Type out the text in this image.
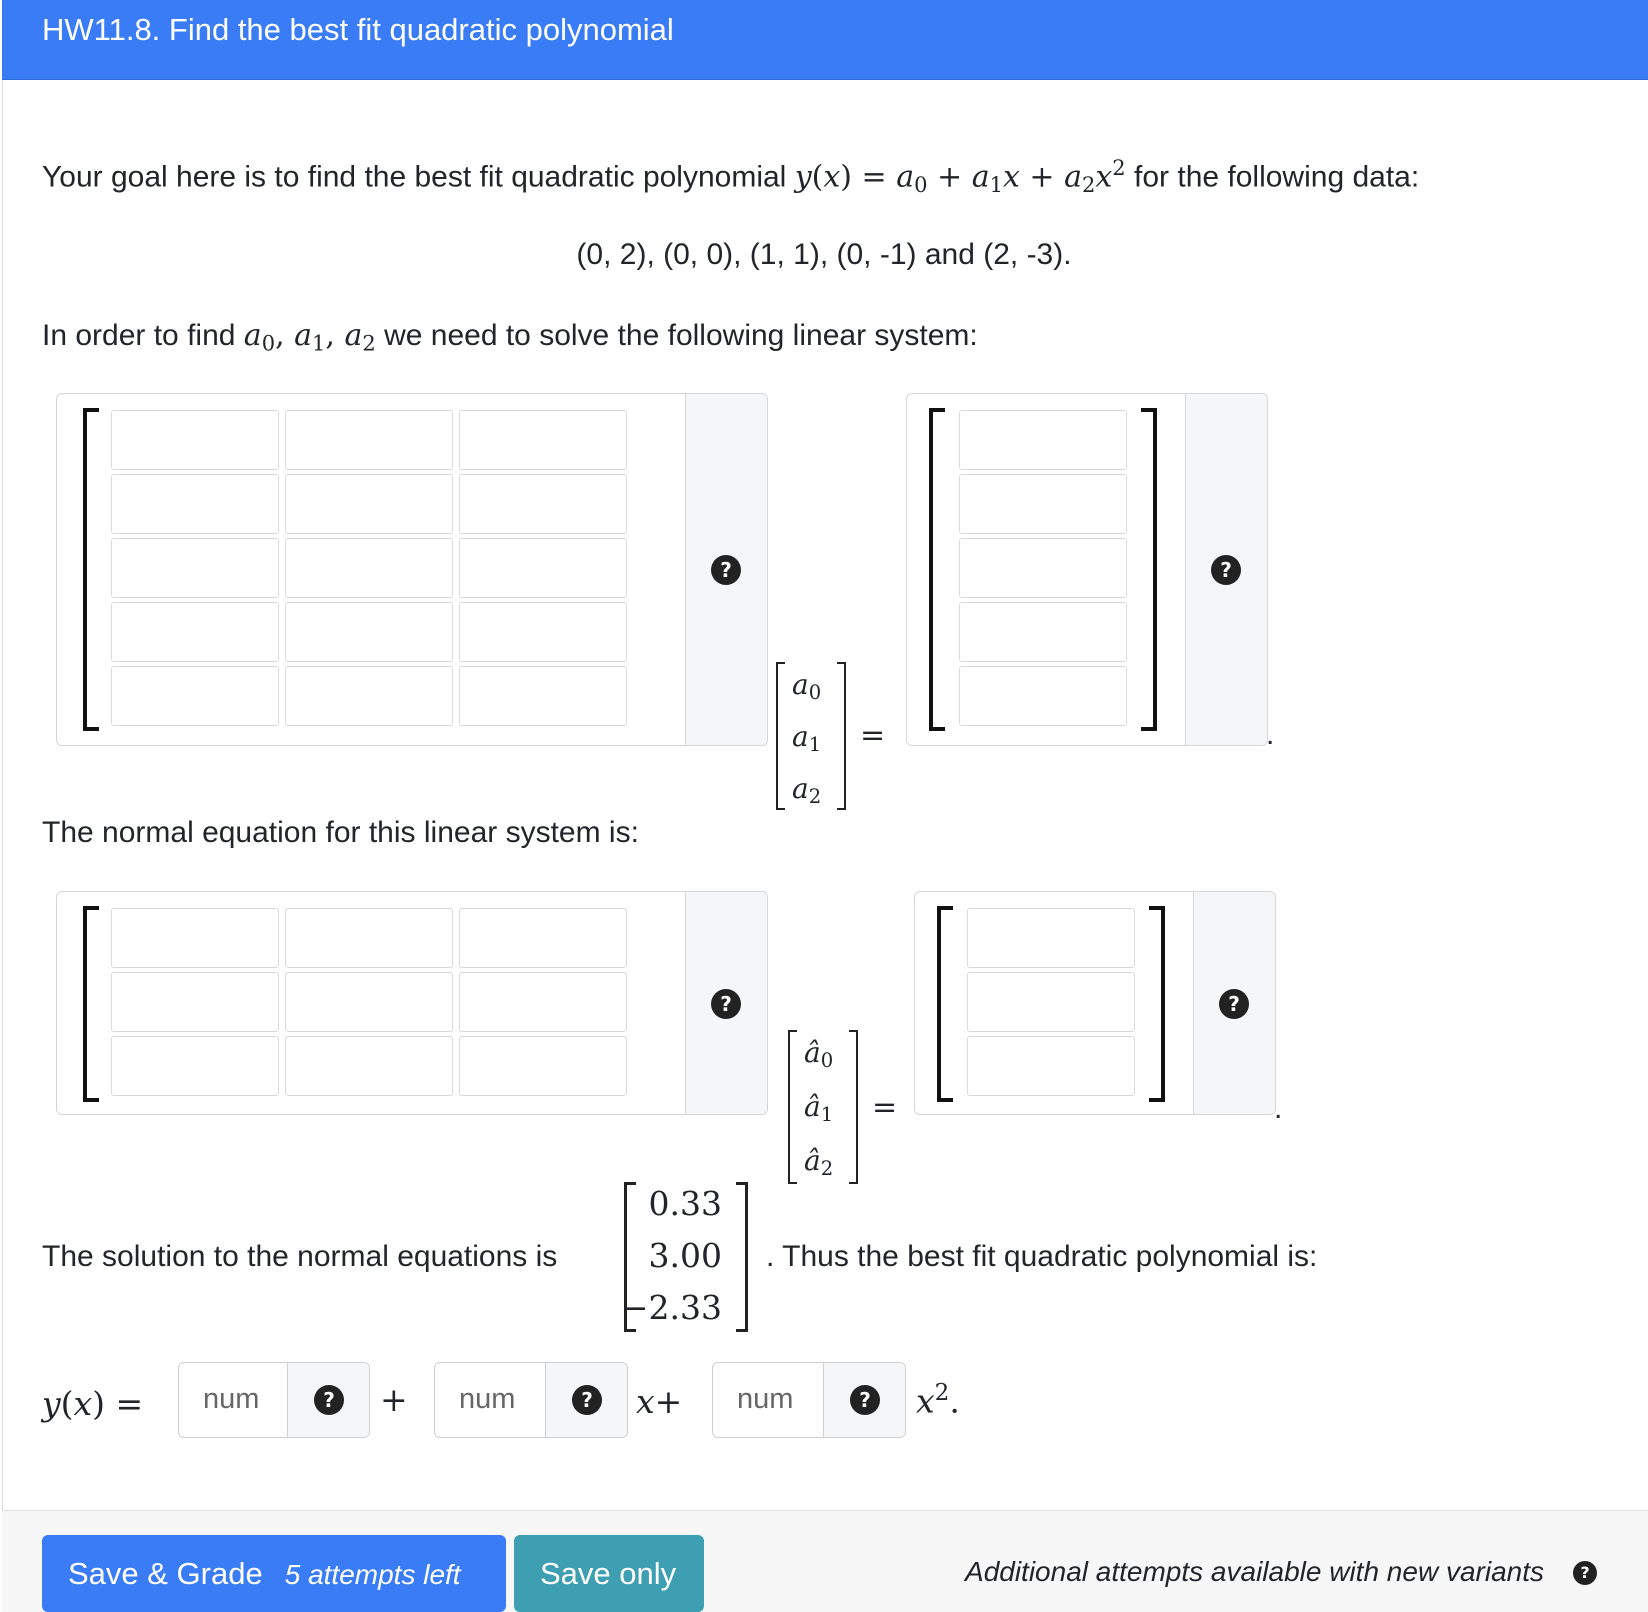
HW11.8. Find the best fit quadratic polynomial
Your goal here is to find the best fit quadratic polynomial $y(x) = a_0 + a_1x + a_2x^2$ for the following data:
(0, 2), (0, 0), (1, 1), (0, -1) and (2, -3).
In order to find $a_0$, $a_1$, $a_2$ we need to solve the following linear system:
?
$a_0$
$a_1$
$a_2$
=
?
.
The normal equation for this linear system is:
?
$â_0$
$â_1$
$â_2$
=
?
.
The solution to the normal equations is
0.33
3.00
−2.33
. Thus the best fit quadratic polynomial is:
y(x) = num	? + num	? x+ num	? $x^2$.
Save & Grade 5 attempts left	Save only	Additional attempts available with new variants	?
